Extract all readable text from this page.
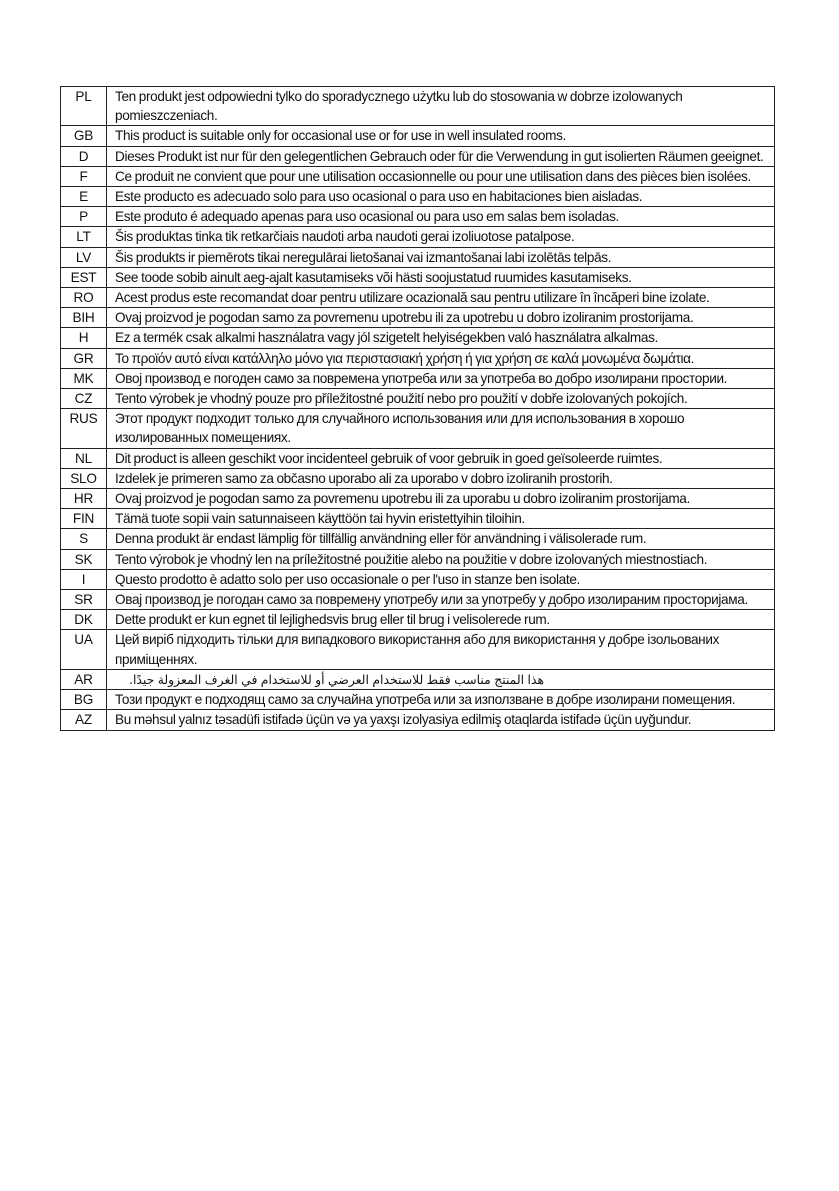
PL	Ten produkt jest odpowiedni tylko do sporadycznego użytku lub do stosowania w dobrze izolowanych pomieszczeniach.
GB	This product is suitable only for occasional use or for use in well insulated rooms.
D	Dieses Produkt ist nur für den gelegentlichen Gebrauch oder für die Verwendung in gut isolierten Räumen geeignet.
F	Ce produit ne convient que pour une utilisation occasionnelle ou pour une utilisation dans des pièces bien isolées.
E	Este producto es adecuado solo para uso ocasional o para uso en habitaciones bien aisladas.
P	Este produto é adequado apenas para uso ocasional ou para uso em salas bem isoladas.
LT	Šis produktas tinka tik retkarčiais naudoti arba naudoti gerai izoliuotose patalpose.
LV	Šis produkts ir piemērots tikai neregulārai lietošanai vai izmantošanai labi izolētās telpās.
EST	See toode sobib ainult aeg-ajalt kasutamiseks või hästi soojustatud ruumides kasutamiseks.
RO	Acest produs este recomandat doar pentru utilizare ocazională sau pentru utilizare în încăperi bine izolate.
BIH	Ovaj proizvod je pogodan samo za povremenu upotrebu ili za upotrebu u dobro izoliranim prostorijama.
H	Ez a termék csak alkalmi használatra vagy jól szigetelt helyiségekben való használatra alkalmas.
GR	Το προϊόν αυτό είναι κατάλληλο μόνο για περιστασιακή χρήση ή για χρήση σε καλά μονωμένα δωμάτια.
MK	Овој производ е погоден само за повремена употреба или за употреба во добро изолирани простории.
CZ	Tento výrobek je vhodný pouze pro příležitostné použití nebo pro použití v dobře izolovaných pokojích.
RUS	Этот продукт подходит только для случайного использования или для использования в хорошо изолированных помещениях.
NL	Dit product is alleen geschikt voor incidenteel gebruik of voor gebruik in goed geïsoleerde ruimtes.
SLO	Izdelek je primeren samo za občasno uporabo ali za uporabo v dobro izoliranih prostorih.
HR	Ovaj proizvod je pogodan samo za povremenu upotrebu ili za uporabu u dobro izoliranim prostorijama.
FIN	Tämä tuote sopii vain satunnaiseen käyttöön tai hyvin eristettyihin tiloihin.
S	Denna produkt är endast lämplig för tillfällig användning eller för användning i välisolerade rum.
SK	Tento výrobok je vhodný len na príležitostné použitie alebo na použitie v dobre izolovaných miestnostiach.
I	Questo prodotto è adatto solo per uso occasionale o per l'uso in stanze ben isolate.
SR	Овај производ је погодан само за повремену употребу или за употребу у добро изолираним просторијама.
DK	Dette produkt er kun egnet til lejlighedsvis brug eller til brug i velisolerede rum.
UA	Цей виріб підходить тільки для випадкового використання або для використання у добре ізольованих приміщеннях.
AR	هذا المنتج مناسب فقط للاستخدام العرضي أو للاستخدام في الغرف المعزولة جيدًا.
BG	Този продукт е подходящ само за случайна употреба или за използване в добре изолирани помещения.
AZ	Bu məhsul yalnız təsadüfi istifadə üçün və ya yaxşı izolyasiya edilmiş otaqlarda istifadə üçün uyğundur.
